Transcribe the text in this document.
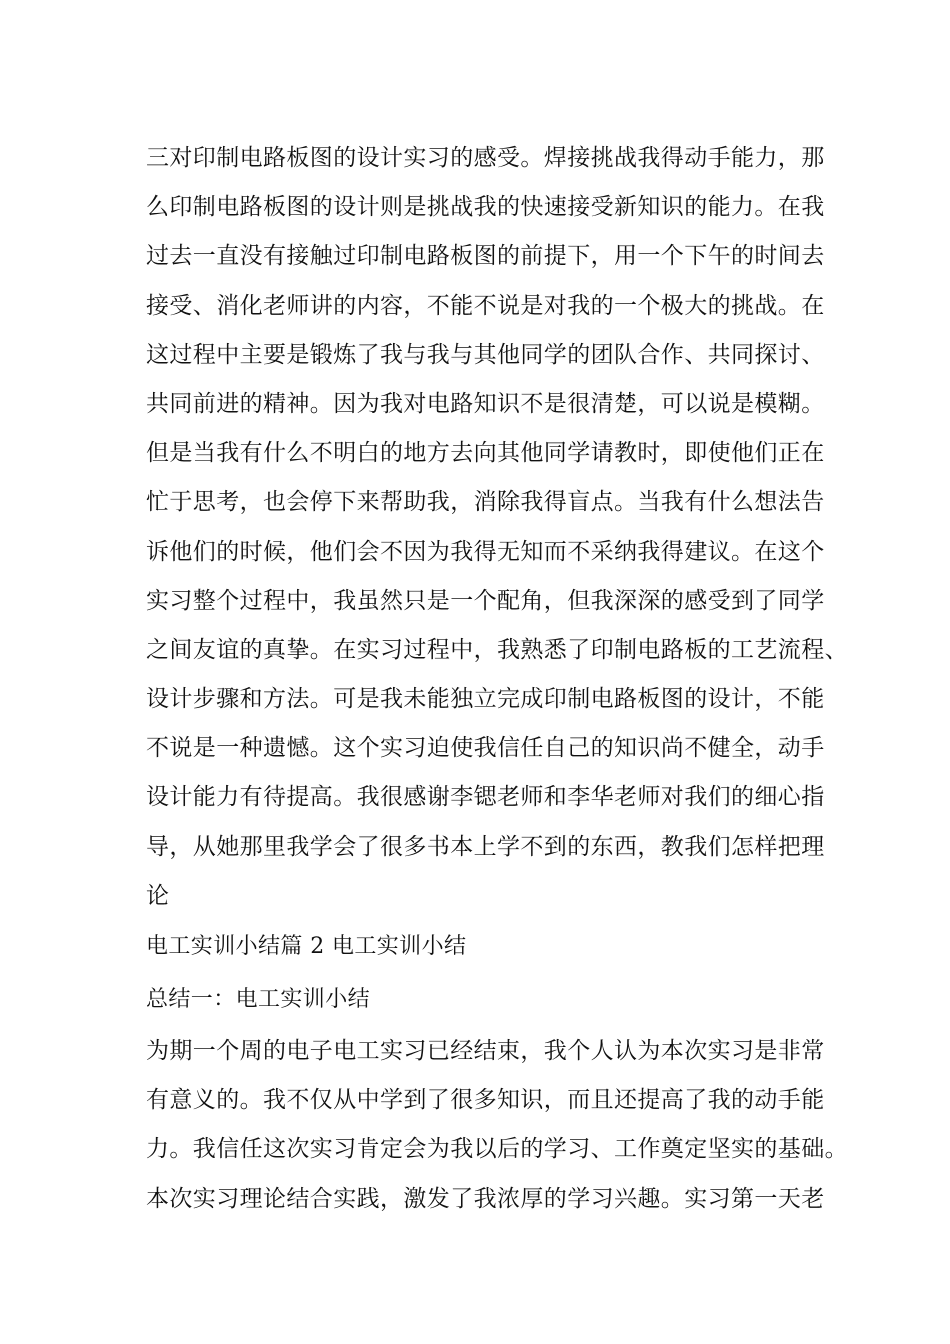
三对印制电路板图的设计实习的感受。焊接挑战我得动手能力，那
么印制电路板图的设计则是挑战我的快速接受新知识的能力。在我
过去一直没有接触过印制电路板图的前提下，用一个下午的时间去
接受、消化老师讲的内容，不能不说是对我的一个极大的挑战。在
这过程中主要是锻炼了我与我与其他同学的团队合作、共同探讨、
共同前进的精神。因为我对电路知识不是很清楚，可以说是模糊。
但是当我有什么不明白的地方去向其他同学请教时，即使他们正在
忙于思考，也会停下来帮助我，消除我得盲点。当我有什么想法告
诉他们的时候，他们会不因为我得无知而不采纳我得建议。在这个
实习整个过程中，我虽然只是一个配角，但我深深的感受到了同学
之间友谊的真挚。在实习过程中，我熟悉了印制电路板的工艺流程、
设计步骤和方法。可是我未能独立完成印制电路板图的设计，不能
不说是一种遗憾。这个实习迫使我信任自己的知识尚不健全，动手
设计能力有待提高。我很感谢李锶老师和李华老师对我们的细心指
导，从她那里我学会了很多书本上学不到的东西，教我们怎样把理
论
电工实训小结篇 2 电工实训小结
总结一：电工实训小结
为期一个周的电子电工实习已经结束，我个人认为本次实习是非常
有意义的。我不仅从中学到了很多知识，而且还提高了我的动手能
力。我信任这次实习肯定会为我以后的学习、工作奠定坚实的基础。
本次实习理论结合实践，激发了我浓厚的学习兴趣。实习第一天老
